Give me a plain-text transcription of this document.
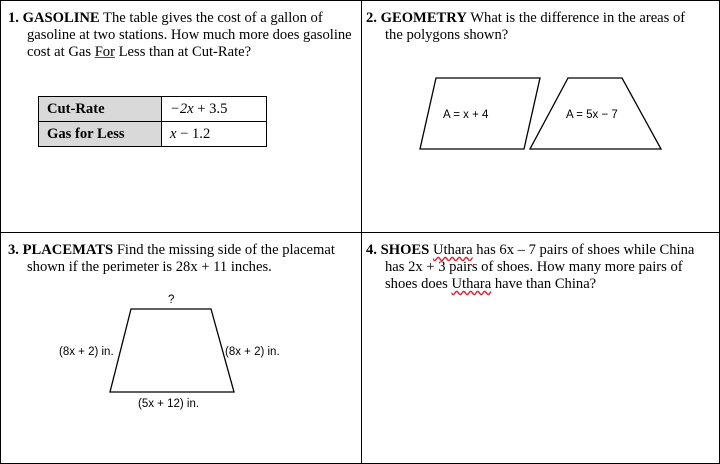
1. GASOLINE The table gives the cost of a gallon of
gasoline at two stations. How much more does gasoline
cost at Gas For Less than at Cut-Rate?
Cut-Rate	−2x + 3.5
Gas for Less	x − 1.2
2. GEOMETRY What is the difference in the areas of
the polygons shown?
A = x + 4	A = 5x − 7
3. PLACEMATS Find the missing side of the placemat
shown if the perimeter is 28x + 11 inches.
?
(8x + 2) in.	(8x + 2) in.
(5x + 12) in.
4. SHOES Uthara has 6x – 7 pairs of shoes while China
has 2x + 3 pairs of shoes. How many more pairs of
shoes does Uthara have than China?
